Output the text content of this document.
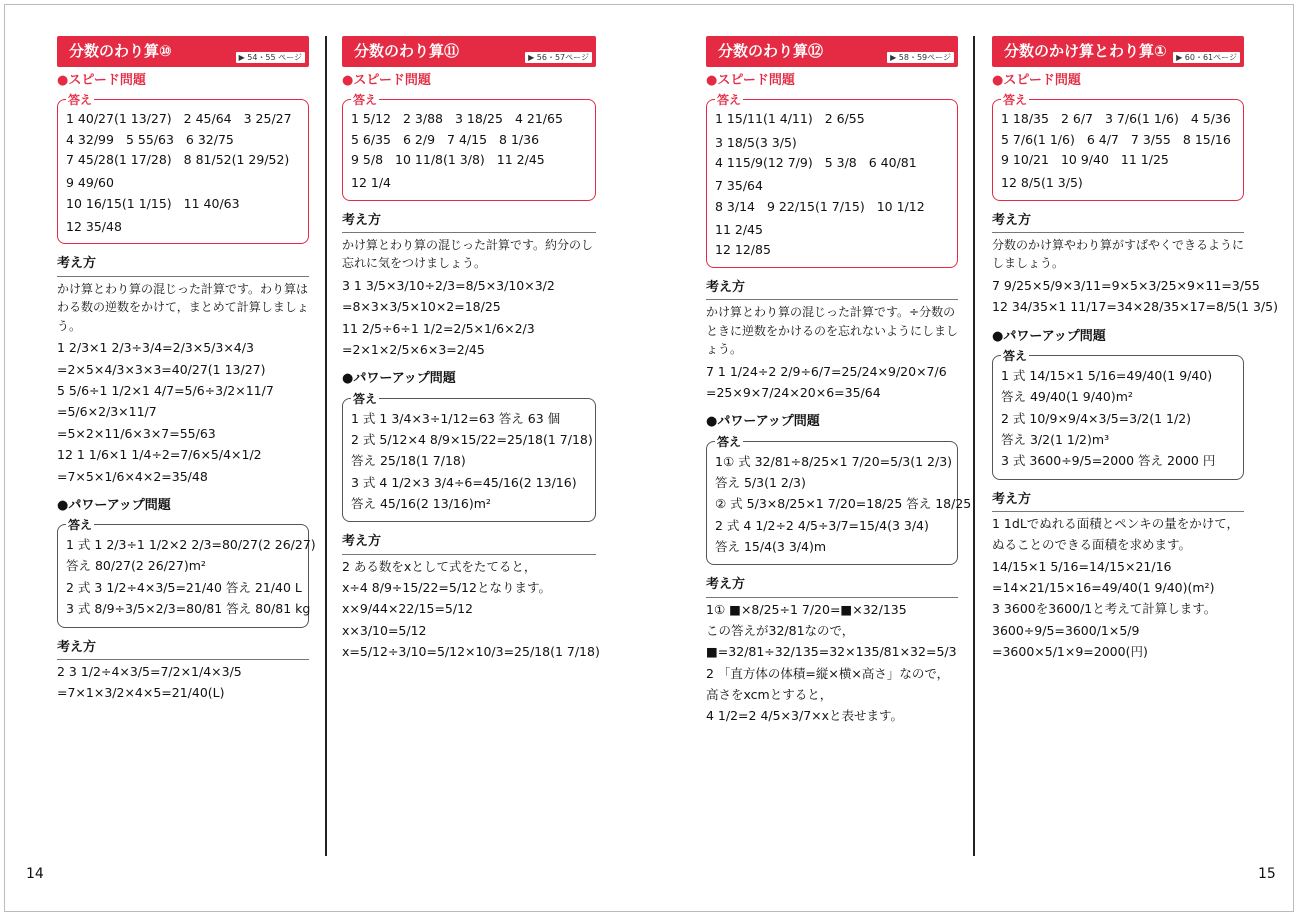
分数のわり算⑩	▶ 54・55 ページ
●スピード問題
答え
1 40/27(1 13/27) 2 45/64 3 25/27
4 32/99 5 55/63 6 32/75
7 45/28(1 17/28) 8 81/52(1 29/52)
9 49/60
10 16/15(1 1/15) 11 40/63
12 35/48
考え方
かけ算とわり算の混じった計算です。わり算はわる数の逆数をかけて，まとめて計算しましょう。
1 2/3×1 2/3÷3/4=2/3×5/3×4/3
=2×5×4/3×3×3=40/27(1 13/27)
5 5/6÷1 1/2×1 4/7=5/6÷3/2×11/7
=5/6×2/3×11/7
=5×2×11/6×3×7=55/63
12 1 1/6×1 1/4÷2=7/6×5/4×1/2
=7×5×1/6×4×2=35/48
●パワーアップ問題
答え
1 式 1 2/3÷1 1/2×2 2/3=80/27(2 26/27)
答え 80/27(2 26/27)m²
2 式 3 1/2÷4×3/5=21/40 答え 21/40 L
3 式 8/9÷3/5×2/3=80/81 答え 80/81 kg
考え方
2 3 1/2÷4×3/5=7/2×1/4×3/5
=7×1×3/2×4×5=21/40(L)
分数のわり算⑪	▶ 56・57ページ
●スピード問題
答え
1 5/12 2 3/88 3 18/25 4 21/65
5 6/35 6 2/9 7 4/15 8 1/36
9 5/8 10 11/8(1 3/8) 11 2/45
12 1/4
考え方
かけ算とわり算の混じった計算です。約分のし忘れに気をつけましょう。
3 1 3/5×3/10÷2/3=8/5×3/10×3/2
=8×3×3/5×10×2=18/25
11 2/5÷6÷1 1/2=2/5×1/6×2/3
=2×1×2/5×6×3=2/45
●パワーアップ問題
答え
1 式 1 3/4×3÷1/12=63 答え 63 個
2 式 5/12×4 8/9×15/22=25/18(1 7/18)
答え 25/18(1 7/18)
3 式 4 1/2×3 3/4÷6=45/16(2 13/16)
答え 45/16(2 13/16)m²
考え方
2 ある数をxとして式をたてると，
x÷4 8/9÷15/22=5/12となります。
x×9/44×22/15=5/12
x×3/10=5/12
x=5/12÷3/10=5/12×10/3=25/18(1 7/18)
分数のわり算⑫	▶ 58・59ページ
●スピード問題
答え
1 15/11(1 4/11) 2 6/55
3 18/5(3 3/5)
4 115/9(12 7/9) 5 3/8 6 40/81
7 35/64
8 3/14 9 22/15(1 7/15) 10 1/12
11 2/45
12 12/85
考え方
かけ算とわり算の混じった計算です。÷分数のときに逆数をかけるのを忘れないようにしましょう。
7 1 1/24÷2 2/9÷6/7=25/24×9/20×7/6
=25×9×7/24×20×6=35/64
●パワーアップ問題
答え
1① 式 32/81÷8/25×1 7/20=5/3(1 2/3)
答え 5/3(1 2/3)
② 式 5/3×8/25×1 7/20=18/25 答え 18/25
2 式 4 1/2÷2 4/5÷3/7=15/4(3 3/4)
答え 15/4(3 3/4)m
考え方
1① ■×8/25÷1 7/20=■×32/135
この答えが32/81なので，
■=32/81÷32/135=32×135/81×32=5/3
2 「直方体の体積=縦×横×高さ」なので，
高さをxcmとすると，
4 1/2=2 4/5×3/7×xと表せます。
分数のかけ算とわり算①	▶ 60・61ページ
●スピード問題
答え
1 18/35 2 6/7 3 7/6(1 1/6) 4 5/36
5 7/6(1 1/6) 6 4/7 7 3/55 8 15/16
9 10/21 10 9/40 11 1/25
12 8/5(1 3/5)
考え方
分数のかけ算やわり算がすばやくできるようにしましょう。
7 9/25×5/9×3/11=9×5×3/25×9×11=3/55
12 34/35×1 11/17=34×28/35×17=8/5(1 3/5)
●パワーアップ問題
答え
1 式 14/15×1 5/16=49/40(1 9/40)
答え 49/40(1 9/40)m²
2 式 10/9×9/4×3/5=3/2(1 1/2)
答え 3/2(1 1/2)m³
3 式 3600÷9/5=2000 答え 2000 円
考え方
1 1dLでぬれる面積とペンキの量をかけて，
ぬることのできる面積を求めます。
14/15×1 5/16=14/15×21/16
=14×21/15×16=49/40(1 9/40)(m²)
3 3600を3600/1と考えて計算します。
3600÷9/5=3600/1×5/9
=3600×5/1×9=2000(円)
14	15
